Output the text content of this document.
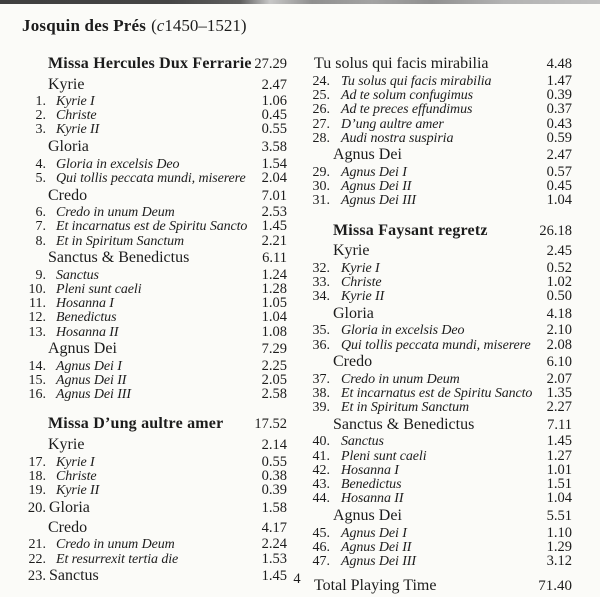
Josquin des Prés (c1450–1521)
Missa Hercules Dux Ferrarie 27.29
Kyrie	2.47
1. Kyrie I	1.06
2. Christe	0.45
3. Kyrie II	0.55
Gloria	3.58
4. Gloria in excelsis Deo	1.54
5. Qui tollis peccata mundi, miserere	2.04
Credo	7.01
6. Credo in unum Deum	2.53
7. Et incarnatus est de Spiritu Sancto 1.45
8. Et in Spiritum Sanctum	2.21
Sanctus & Benedictus	6.11
9. Sanctus	1.24
10. Pleni sunt caeli	1.28
11. Hosanna I	1.05
12. Benedictus	1.04
13. Hosanna II	1.08
Agnus Dei	7.29
14. Agnus Dei I	2.25
15. Agnus Dei II	2.05
16. Agnus Dei III	2.58
Missa D’ung aultre amer 17.52
Kyrie	2.14
17. Kyrie I	0.55
18. Christe	0.38
19. Kyrie II	0.39
20. Gloria	1.58
Credo	4.17
21. Credo in unum Deum	2.24
22. Et resurrexit tertia die	1.53
23. Sanctus	1.45
Tu solus qui facis mirabilia	4.48
24. Tu solus qui facis mirabilia	1.47
25. Ad te solum confugimus	0.39
26. Ad te preces effundimus	0.37
27. D’ung aultre amer	0.43
28. Audi nostra suspiria	0.59
Agnus Dei	2.47
29. Agnus Dei I	0.57
30. Agnus Dei II	0.45
31. Agnus Dei III	1.04
Missa Faysant regretz	26.18
Kyrie	2.45
32. Kyrie I	0.52
33. Christe	1.02
34. Kyrie II	0.50
Gloria	4.18
35. Gloria in excelsis Deo	2.10
36. Qui tollis peccata mundi, miserere	2.08
Credo	6.10
37. Credo in unum Deum	2.07
38. Et incarnatus est de Spiritu Sancto 1.35
39. Et in Spiritum Sanctum	2.27
Sanctus & Benedictus	7.11
40. Sanctus	1.45
41. Pleni sunt caeli	1.27
42. Hosanna I	1.01
43. Benedictus	1.51
44. Hosanna II	1.04
Agnus Dei	5.51
45. Agnus Dei I	1.10
46. Agnus Dei II	1.29
47. Agnus Dei III	3.12
Total Playing Time	71.40
4
